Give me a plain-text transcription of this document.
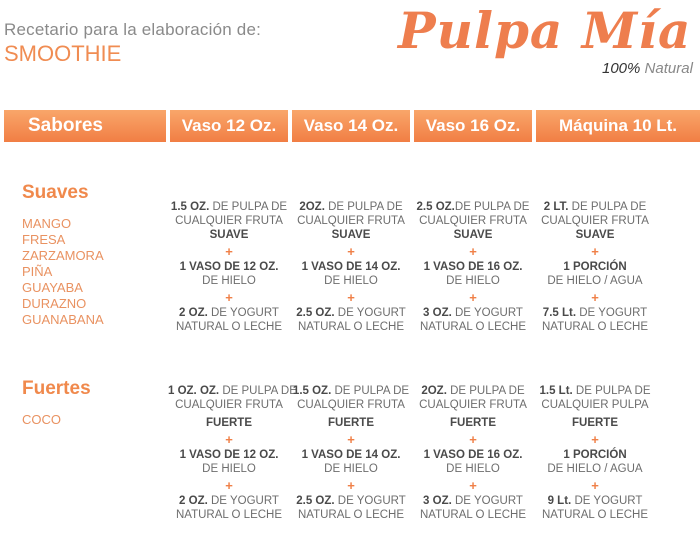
Recetario para la elaboración de:
SMOOTHIE	Pulpa Mía
100% Natural
Sabores	Vaso 12 Oz.	Vaso 14 Oz.	Vaso 16 Oz.	Máquina 10 Lt.
Suaves
MANGO
FRESA
ZARZAMORA
PIÑA
GUAYABA
DURAZNO
GUANABANA
1.5 OZ. DE PULPA DE
CUALQUIER FRUTA
SUAVE
+
1 VASO DE 12 OZ.
DE HIELO
+
2 OZ. DE YOGURT
NATURAL O LECHE
2OZ. DE PULPA DE
CUALQUIER FRUTA
SUAVE
+
1 VASO DE 14 OZ.
DE HIELO
+
2.5 OZ. DE YOGURT
NATURAL O LECHE
2.5 OZ.DE PULPA DE
CUALQUIER FRUTA
SUAVE
+
1 VASO DE 16 OZ.
DE HIELO
+
3 OZ. DE YOGURT
NATURAL O LECHE
2 LT. DE PULPA DE
CUALQUIER FRUTA
SUAVE
+
1 PORCIÓN
DE HIELO / AGUA
+
7.5 Lt. DE YOGURT
NATURAL O LECHE
Fuertes
COCO
1 OZ. OZ. DE PULPA DE
CUALQUIER FRUTA
FUERTE
+
1 VASO DE 12 OZ.
DE HIELO
+
2 OZ. DE YOGURT
NATURAL O LECHE
1.5 OZ. DE PULPA DE
CUALQUIER FRUTA
FUERTE
+
1 VASO DE 14 OZ.
DE HIELO
+
2.5 OZ. DE YOGURT
NATURAL O LECHE
2OZ. DE PULPA DE
CUALQUIER FRUTA
FUERTE
+
1 VASO DE 16 OZ.
DE HIELO
+
3 OZ. DE YOGURT
NATURAL O LECHE
1.5 Lt. DE PULPA DE
CUALQUIER PULPA
FUERTE
+
1 PORCIÓN
DE HIELO / AGUA
+
9 Lt. DE YOGURT
NATURAL O LECHE
